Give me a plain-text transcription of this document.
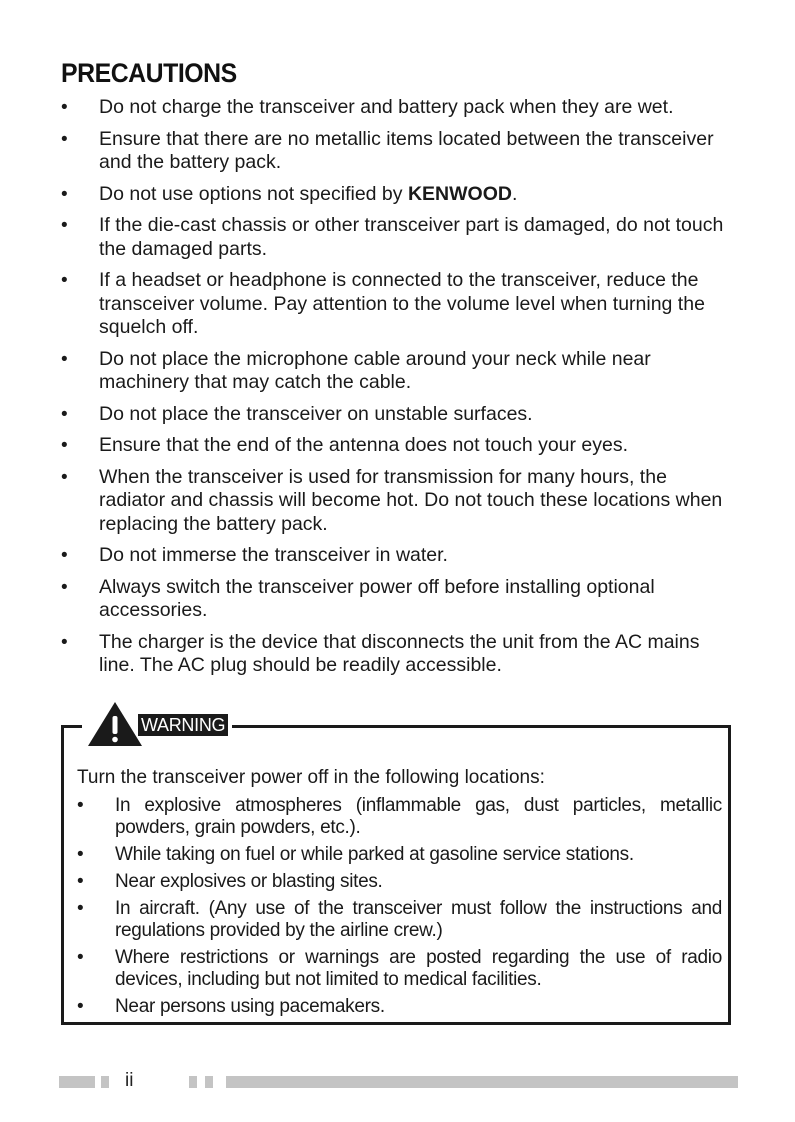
PRECAUTIONS
• Do not charge the transceiver and battery pack when they are wet.
• Ensure that there are no metallic items located between the transceiver and the battery pack.
• Do not use options not specified by KENWOOD.
• If the die-cast chassis or other transceiver part is damaged, do not touch the damaged parts.
• If a headset or headphone is connected to the transceiver, reduce the transceiver volume. Pay attention to the volume level when turning the squelch off.
• Do not place the microphone cable around your neck while near machinery that may catch the cable.
• Do not place the transceiver on unstable surfaces.
• Ensure that the end of the antenna does not touch your eyes.
• When the transceiver is used for transmission for many hours, the radiator and chassis will become hot. Do not touch these locations when replacing the battery pack.
• Do not immerse the transceiver in water.
• Always switch the transceiver power off before installing optional accessories.
• The charger is the device that disconnects the unit from the AC mains line. The AC plug should be readily accessible.
WARNING

Turn the transceiver power off in the following locations:

• In explosive atmospheres (inflammable gas, dust particles, metallic powders, grain powders, etc.).
• While taking on fuel or while parked at gasoline service stations.
• Near explosives or blasting sites.
• In aircraft. (Any use of the transceiver must follow the instructions and regulations provided by the airline crew.)
• Where restrictions or warnings are posted regarding the use of radio devices, including but not limited to medical facilities.
• Near persons using pacemakers.
ii
